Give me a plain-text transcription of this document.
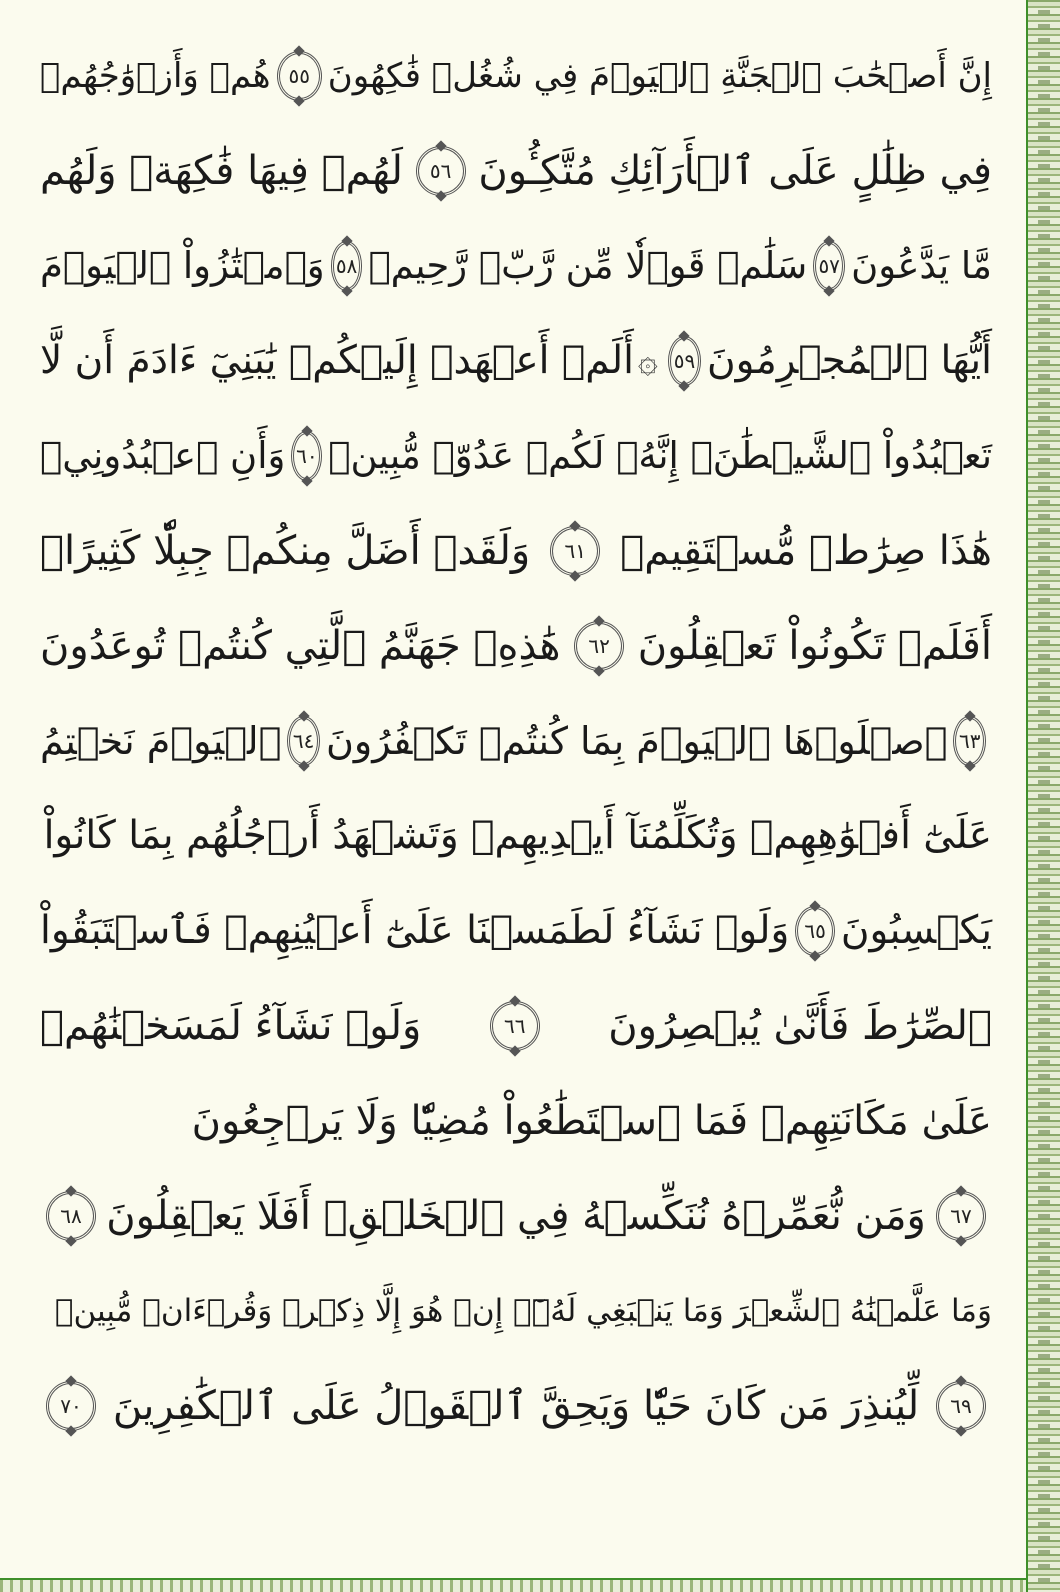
إِنَّ أَصۡحَٰبَ ٱلۡجَنَّةِ ٱلۡيَوۡمَ فِي شُغُلٖ فَٰكِهُونَ
٥٥
هُمۡ وَأَزۡوَٰجُهُمۡ
فِي ظِلَٰلٍ عَلَى ٱلۡأَرَآئِكِ مُتَّكِـُٔونَ
٥٦
لَهُمۡ فِيهَا فَٰكِهَةٞ وَلَهُم
مَّا يَدَّعُونَ
٥٧
سَلَٰمٞ قَوۡلٗا مِّن رَّبّٖ رَّحِيمٖ
٥٨
وَٱمۡتَٰزُواْ ٱلۡيَوۡمَ
أَيُّهَا ٱلۡمُجۡرِمُونَ
٥٩
۞
أَلَمۡ أَعۡهَدۡ إِلَيۡكُمۡ يَٰبَنِيٓ ءَادَمَ أَن لَّا
تَعۡبُدُواْ ٱلشَّيۡطَٰنَۖ إِنَّهُۥ لَكُمۡ عَدُوّٞ مُّبِينٞ
٦٠
وَأَنِ ٱعۡبُدُونِيۚ
هَٰذَا صِرَٰطٞ مُّسۡتَقِيمٞ
٦١
وَلَقَدۡ أَضَلَّ مِنكُمۡ جِبِلّٗا كَثِيرًاۖ
أَفَلَمۡ تَكُونُواْ تَعۡقِلُونَ
٦٢
هَٰذِهِۦ جَهَنَّمُ ٱلَّتِي كُنتُمۡ تُوعَدُونَ
٦٣
ٱصۡلَوۡهَا ٱلۡيَوۡمَ بِمَا كُنتُمۡ تَكۡفُرُونَ
٦٤
ٱلۡيَوۡمَ نَخۡتِمُ
عَلَىٰٓ أَفۡوَٰهِهِمۡ وَتُكَلِّمُنَآ أَيۡدِيهِمۡ وَتَشۡهَدُ أَرۡجُلُهُم بِمَا كَانُواْ
يَكۡسِبُونَ
٦٥
وَلَوۡ نَشَآءُ لَطَمَسۡنَا عَلَىٰٓ أَعۡيُنِهِمۡ فَٱسۡتَبَقُواْ
ٱلصِّرَٰطَ فَأَنَّىٰ يُبۡصِرُونَ
٦٦
وَلَوۡ نَشَآءُ لَمَسَخۡنَٰهُمۡ
عَلَىٰ مَكَانَتِهِمۡ فَمَا ٱسۡتَطَٰعُواْ مُضِيّٗا وَلَا يَرۡجِعُونَ
٦٧
وَمَن نُّعَمِّرۡهُ نُنَكِّسۡهُ فِي ٱلۡخَلۡقِۖ أَفَلَا يَعۡقِلُونَ
٦٨
وَمَا عَلَّمۡنَٰهُ ٱلشِّعۡرَ وَمَا يَنۢبَغِي لَهُۥٓۚ إِنۡ هُوَ إِلَّا ذِكۡرٞ وَقُرۡءَانٞ مُّبِينٞ
٦٩
لِّيُنذِرَ مَن كَانَ حَيّٗا وَيَحِقَّ ٱلۡقَوۡلُ عَلَى ٱلۡكَٰفِرِينَ
٧٠
